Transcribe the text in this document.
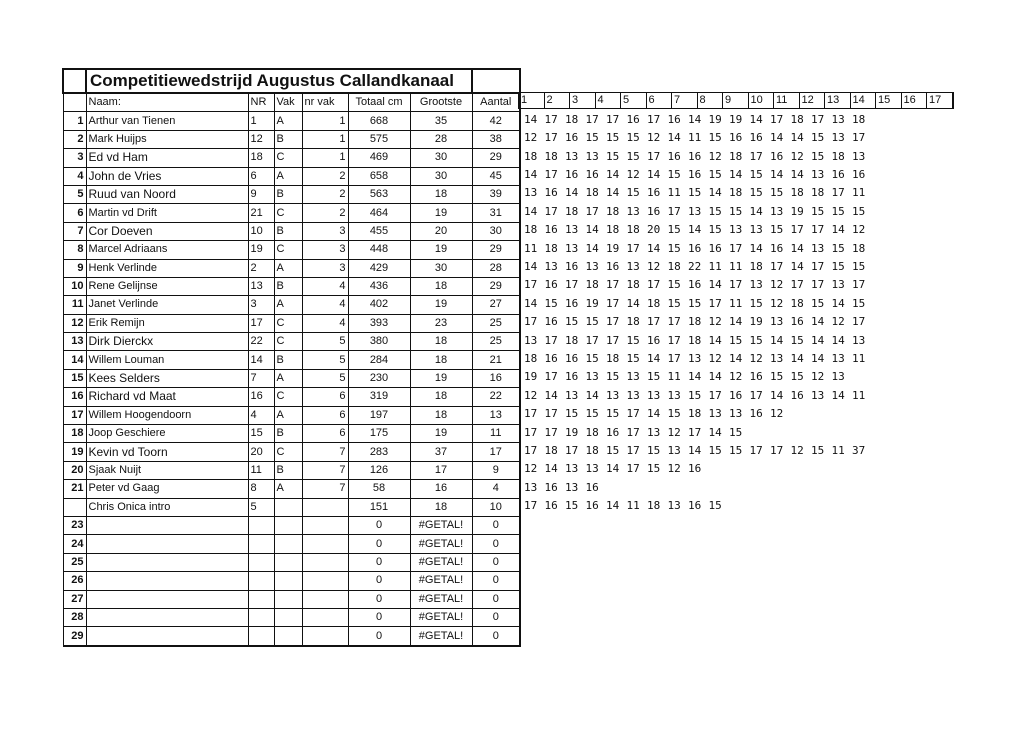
	Competitiewedstrijd Augustus Callandkanaal						
	Naam:	NR	Vak	nr vak	Totaal cm	Grootste	Aantal
1	Arthur van Tienen	1	A	1	668	35	42
2	Mark Huijps	12	B	1	575	28	38
3	Ed vd Ham	18	C	1	469	30	29
4	John de Vries	6	A	2	658	30	45
5	Ruud van Noord	9	B	2	563	18	39
6	Martin vd Drift	21	C	2	464	19	31
7	Cor Doeven	10	B	3	455	20	30
8	Marcel Adriaans	19	C	3	448	19	29
9	Henk Verlinde	2	A	3	429	30	28
10	Rene Gelijnse	13	B	4	436	18	29
11	Janet Verlinde	3	A	4	402	19	27
12	Erik Remijn	17	C	4	393	23	25
13	Dirk Dierckx	22	C	5	380	18	25
14	Willem Louman	14	B	5	284	18	21
15	Kees Selders	7	A	5	230	19	16
16	Richard vd Maat	16	C	6	319	18	22
17	Willem Hoogendoorn	4	A	6	197	18	13
18	Joop Geschiere	15	B	6	175	19	11
19	Kevin vd Toorn	20	C	7	283	37	17
20	Sjaak Nuijt	11	B	7	126	17	9
21	Peter vd Gaag	8	A	7	58	16	4
	Chris Onica intro	5			151	18	10
23					0	#GETAL!	0
24					0	#GETAL!	0
25					0	#GETAL!	0
26					0	#GETAL!	0
27					0	#GETAL!	0
28					0	#GETAL!	0
29					0	#GETAL!	0
1	2	3	4	5	6	7	8	9	10	11	12	13	14	15	16	17
14 17 18 17 17 16 17 16 14 19 19 14 17 18 17 13 18
12 17 16 15 15 15 12 14 11 15 16 16 14 14 15 13 17
18 18 13 13 15 15 17 16 16 12 18 17 16 12 15 18 13
14 17 16 16 14 12 14 15 16 15 14 15 14 14 13 16 16
13 16 14 18 14 15 16 11 15 14 18 15 15 18 18 17 11
14 17 18 17 18 13 16 17 13 15 15 14 13 19 15 15 15
18 16 13 14 18 18 20 15 14 15 13 13 15 17 17 14 12
11 18 13 14 19 17 14 15 16 16 17 14 16 14 13 15 18
14 13 16 13 16 13 12 18 22 11 11 18 17 14 17 15 15
17 16 17 18 17 18 17 15 16 14 17 13 12 17 17 13 17
14 15 16 19 17 14 18 15 15 17 11 15 12 18 15 14 15
17 16 15 15 17 18 17 17 18 12 14 19 13 16 14 12 17
13 17 18 17 17 15 16 17 18 14 15 15 14 15 14 14 13
18 16 16 15 18 15 14 17 13 12 14 12 13 14 14 13 11
19 17 16 13 15 13 15 11 14 14 12 16 15 15 12 13
12 14 13 14 13 13 13 13 15 17 16 17 14 16 13 14 11
17 17 15 15 15 17 14 15 18 13 13 16 12
17 17 19 18 16 17 13 12 17 14 15
17 18 17 18 15 17 15 13 14 15 15 17 17 12 15 11 37
12 14 13 13 14 17 15 12 16
13 16 13 16
17 16 15 16 14 11 18 13 16 15
